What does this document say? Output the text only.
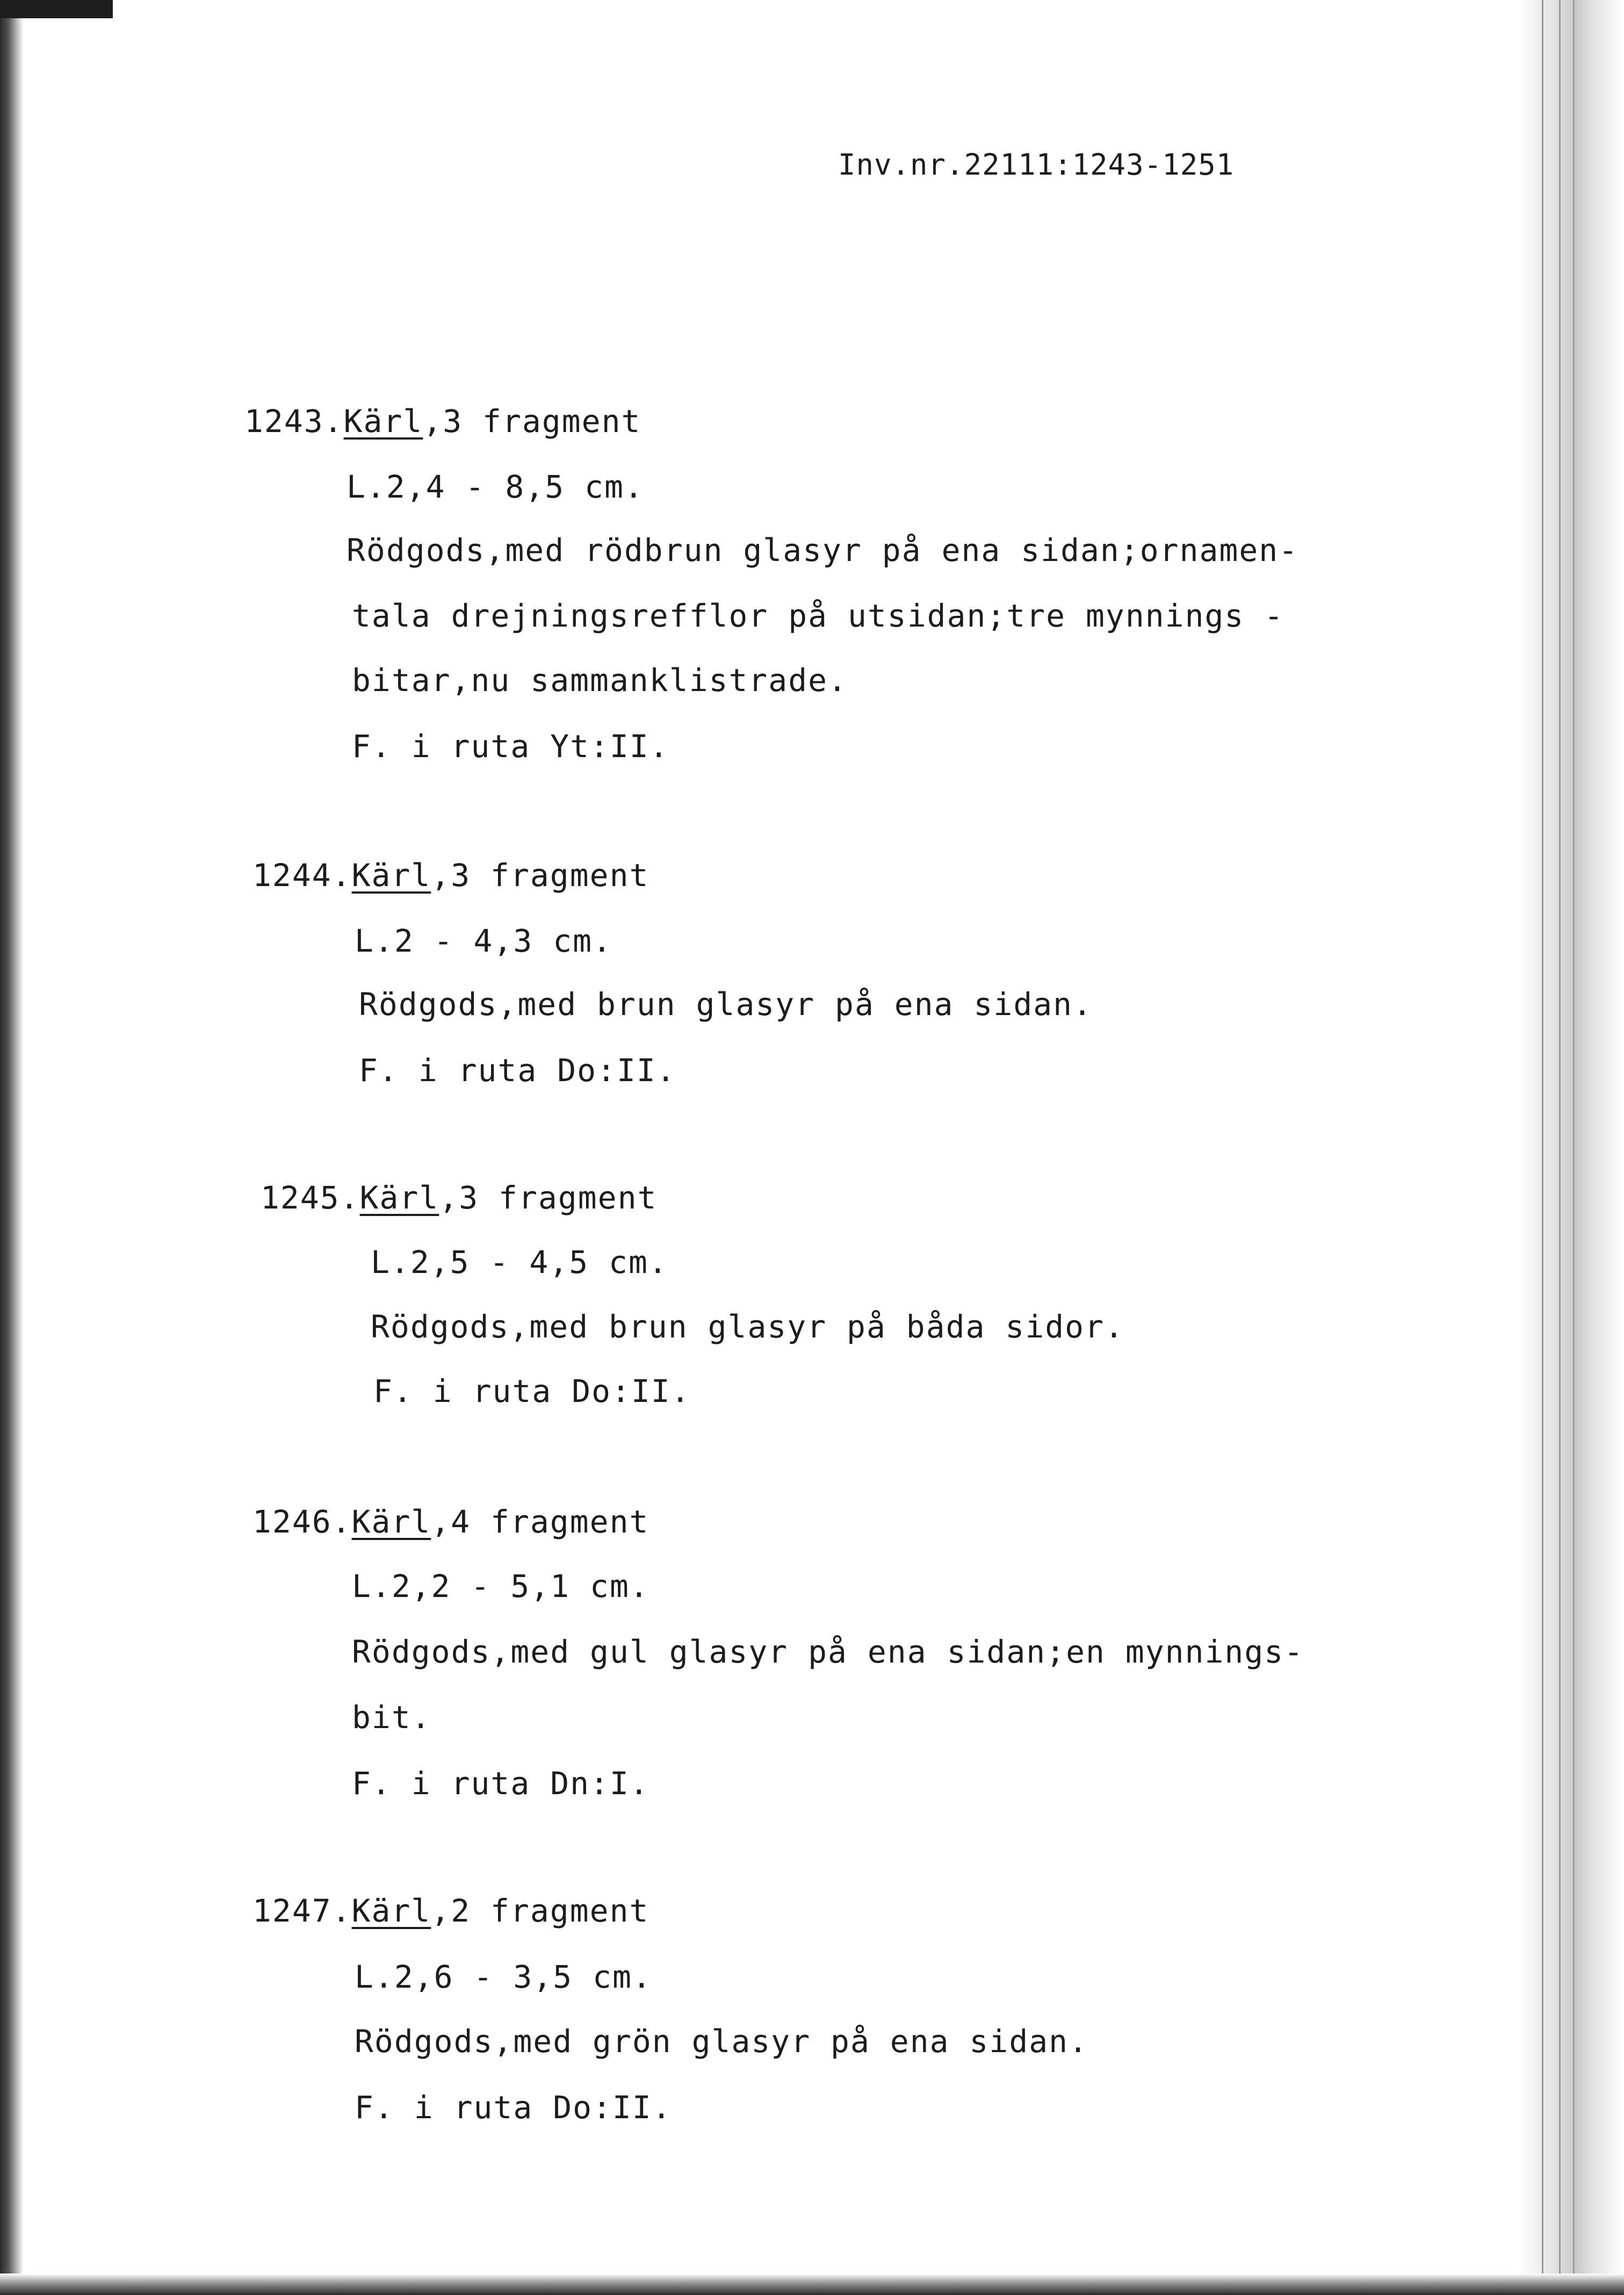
Inv.nr.22111:1243-1251
1243.Kärl,3 fragment
L.2,4 - 8,5 cm.
Rödgods,med rödbrun glasyr på ena sidan;ornamen-
tala drejningsrefflor på utsidan;tre mynnings -
bitar,nu sammanklistrade.
F. i ruta Yt:II.
1244.Kärl,3 fragment
L.2 - 4,3 cm.
Rödgods,med brun glasyr på ena sidan.
F. i ruta Do:II.
1245.Kärl,3 fragment
L.2,5 - 4,5 cm.
Rödgods,med brun glasyr på båda sidor.
F. i ruta Do:II.
1246.Kärl,4 fragment
L.2,2 - 5,1 cm.
Rödgods,med gul glasyr på ena sidan;en mynnings-
bit.
F. i ruta Dn:I.
1247.Kärl,2 fragment
L.2,6 - 3,5 cm.
Rödgods,med grön glasyr på ena sidan.
F. i ruta Do:II.
